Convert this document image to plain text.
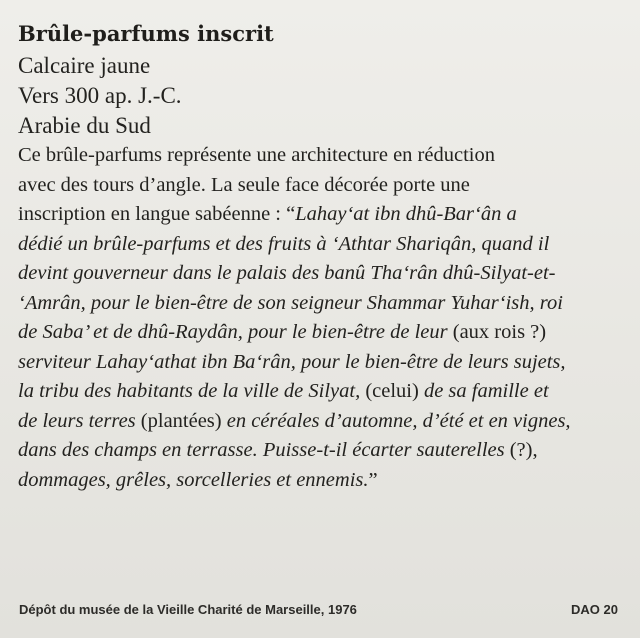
Brûle-parfums inscrit
Calcaire jaune
Vers 300 ap. J.-C.
Arabie du Sud
Ce brûle-parfums représente une architecture en réduction
avec des tours d’angle. La seule face décorée porte une
inscription en langue sabéenne : “Lahay‘at ibn dhû-Bar‘ân a
dédié un brûle-parfums et des fruits à ‘Athtar Shariqân, quand il
devint gouverneur dans le palais des banû Tha‘rân dhû-Silyat-et-
‘Amrân, pour le bien-être de son seigneur Shammar Yuhar‘ish, roi
de Saba’ et de dhû-Raydân, pour le bien-être de leur (aux rois ?)
serviteur Lahay‘athat ibn Ba‘rân, pour le bien-être de leurs sujets,
la tribu des habitants de la ville de Silyat, (celui) de sa famille et
de leurs terres (plantées) en céréales d’automne, d’été et en vignes,
dans des champs en terrasse. Puisse-t-il écarter sauterelles (?),
dommages, grêles, sorcelleries et ennemis.”
Dépôt du musée de la Vieille Charité de Marseille, 1976	DAO 20
